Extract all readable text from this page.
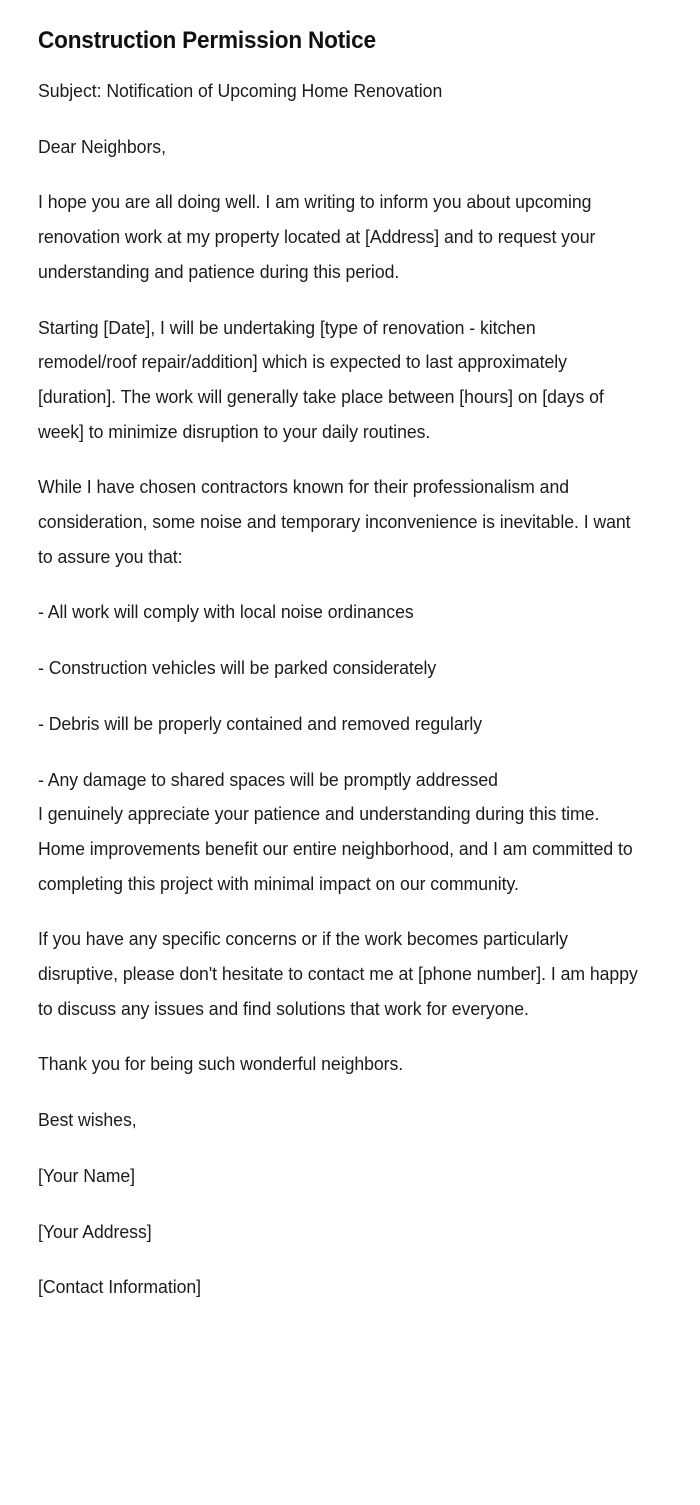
Construction Permission Notice

Subject: Notification of Upcoming Home Renovation

Dear Neighbors,

I hope you are all doing well. I am writing to inform you about upcoming renovation work at my property located at [Address] and to request your understanding and patience during this period.

Starting [Date], I will be undertaking [type of renovation - kitchen remodel/roof repair/addition] which is expected to last approximately [duration]. The work will generally take place between [hours] on [days of week] to minimize disruption to your daily routines.

While I have chosen contractors known for their professionalism and consideration, some noise and temporary inconvenience is inevitable. I want to assure you that:

- All work will comply with local noise ordinances

- Construction vehicles will be parked considerately

- Debris will be properly contained and removed regularly

- Any damage to shared spaces will be promptly addressed

I genuinely appreciate your patience and understanding during this time. Home improvements benefit our entire neighborhood, and I am committed to completing this project with minimal impact on our community.

If you have any specific concerns or if the work becomes particularly disruptive, please don't hesitate to contact me at [phone number]. I am happy to discuss any issues and find solutions that work for everyone.

Thank you for being such wonderful neighbors.

Best wishes,

[Your Name]

[Your Address]

[Contact Information]
